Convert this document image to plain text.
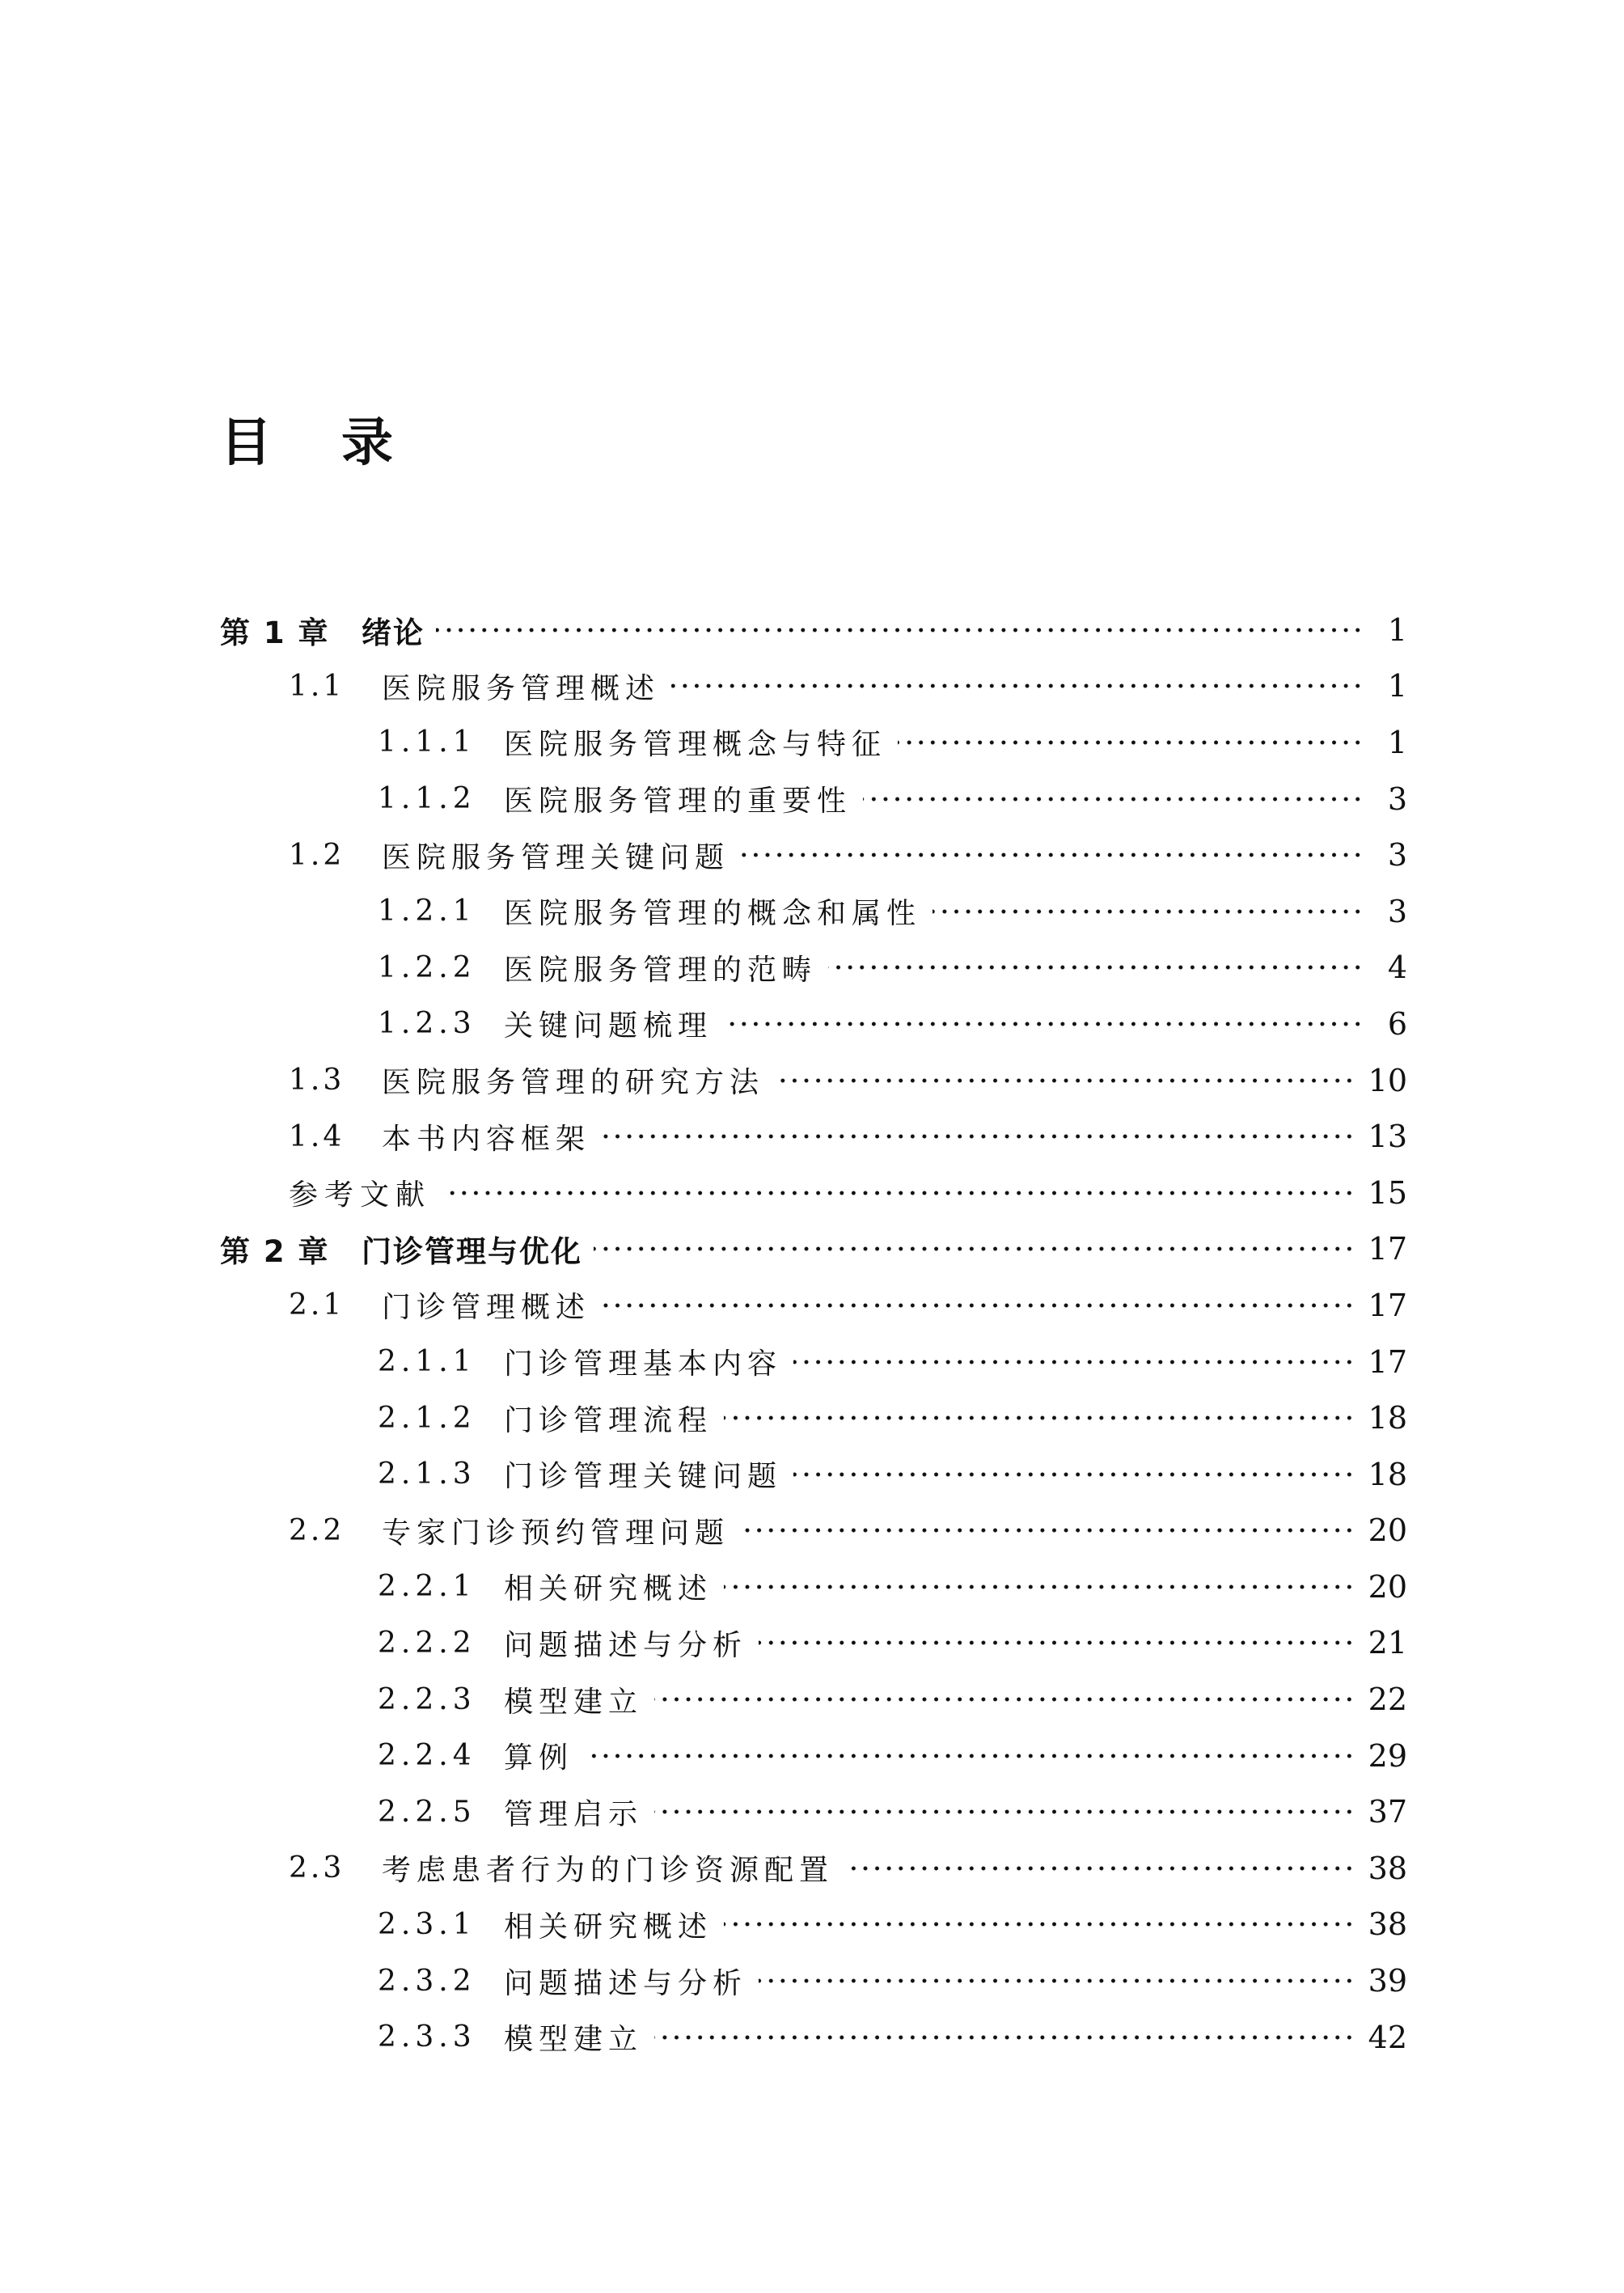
目 录
第 1 章	绪论	1
1.1	医院服务管理概述	1
1.1.1 医院服务管理概念与特征	1
1.1.2 医院服务管理的重要性	3
1.2	医院服务管理关键问题	3
1.2.1 医院服务管理的概念和属性	3
1.2.2 医院服务管理的范畴	4
1.2.3 关键问题梳理	6
1.3	医院服务管理的研究方法	10
1.4	本书内容框架	13
参考文献	15
第 2 章	门诊管理与优化	17
2.1	门诊管理概述	17
2.1.1 门诊管理基本内容	17
2.1.2 门诊管理流程	18
2.1.3 门诊管理关键问题	18
2.2	专家门诊预约管理问题	20
2.2.1 相关研究概述	20
2.2.2 问题描述与分析	21
2.2.3 模型建立	22
2.2.4 算例	29
2.2.5 管理启示	37
2.3	考虑患者行为的门诊资源配置	38
2.3.1 相关研究概述	38
2.3.2 问题描述与分析	39
2.3.3 模型建立	42
